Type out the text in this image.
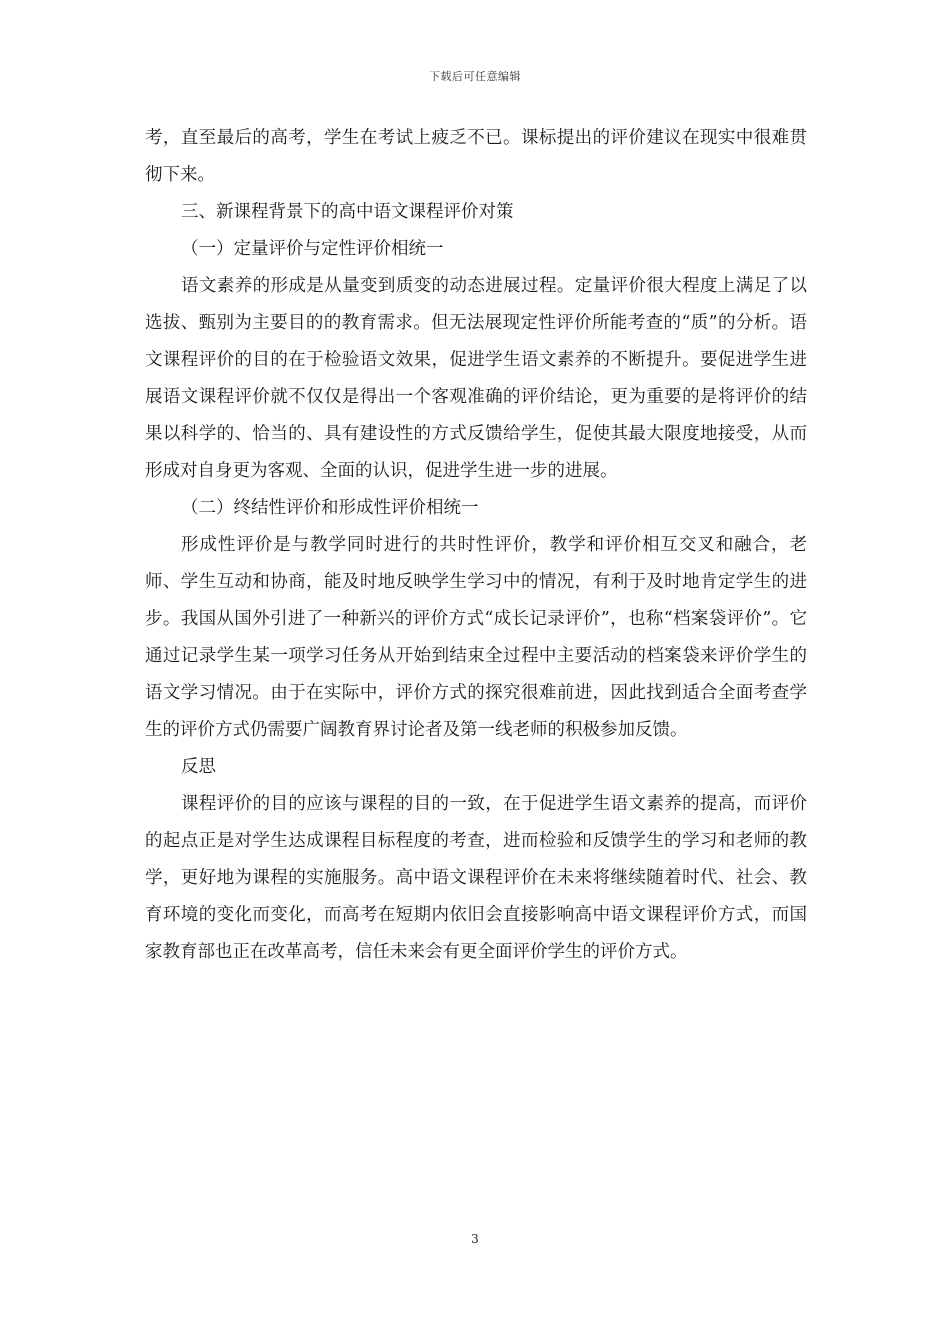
下载后可任意编辑

考，直至最后的高考，学生在考试上疲乏不已。课标提出的评价建议在现实中很难贯彻下来。

三、新课程背景下的高中语文课程评价对策

（一）定量评价与定性评价相统一

语文素养的形成是从量变到质变的动态进展过程。定量评价很大程度上满足了以选拔、甄别为主要目的的教育需求。但无法展现定性评价所能考查的“质”的分析。语文课程评价的目的在于检验语文效果，促进学生语文素养的不断提升。要促进学生进展语文课程评价就不仅仅是得出一个客观准确的评价结论，更为重要的是将评价的结果以科学的、恰当的、具有建设性的方式反馈给学生，促使其最大限度地接受，从而形成对自身更为客观、全面的认识，促进学生进一步的进展。

（二）终结性评价和形成性评价相统一

形成性评价是与教学同时进行的共时性评价，教学和评价相互交叉和融合，老师、学生互动和协商，能及时地反映学生学习中的情况，有利于及时地肯定学生的进步。我国从国外引进了一种新兴的评价方式“成长记录评价”，也称“档案袋评价”。它通过记录学生某一项学习任务从开始到结束全过程中主要活动的档案袋来评价学生的语文学习情况。由于在实际中，评价方式的探究很难前进，因此找到适合全面考查学生的评价方式仍需要广阔教育界讨论者及第一线老师的积极参加反馈。

反思

课程评价的目的应该与课程的目的一致，在于促进学生语文素养的提高，而评价的起点正是对学生达成课程目标程度的考查，进而检验和反馈学生的学习和老师的教学，更好地为课程的实施服务。高中语文课程评价在未来将继续随着时代、社会、教育环境的变化而变化，而高考在短期内依旧会直接影响高中语文课程评价方式，而国家教育部也正在改革高考，信任未来会有更全面评价学生的评价方式。

3
